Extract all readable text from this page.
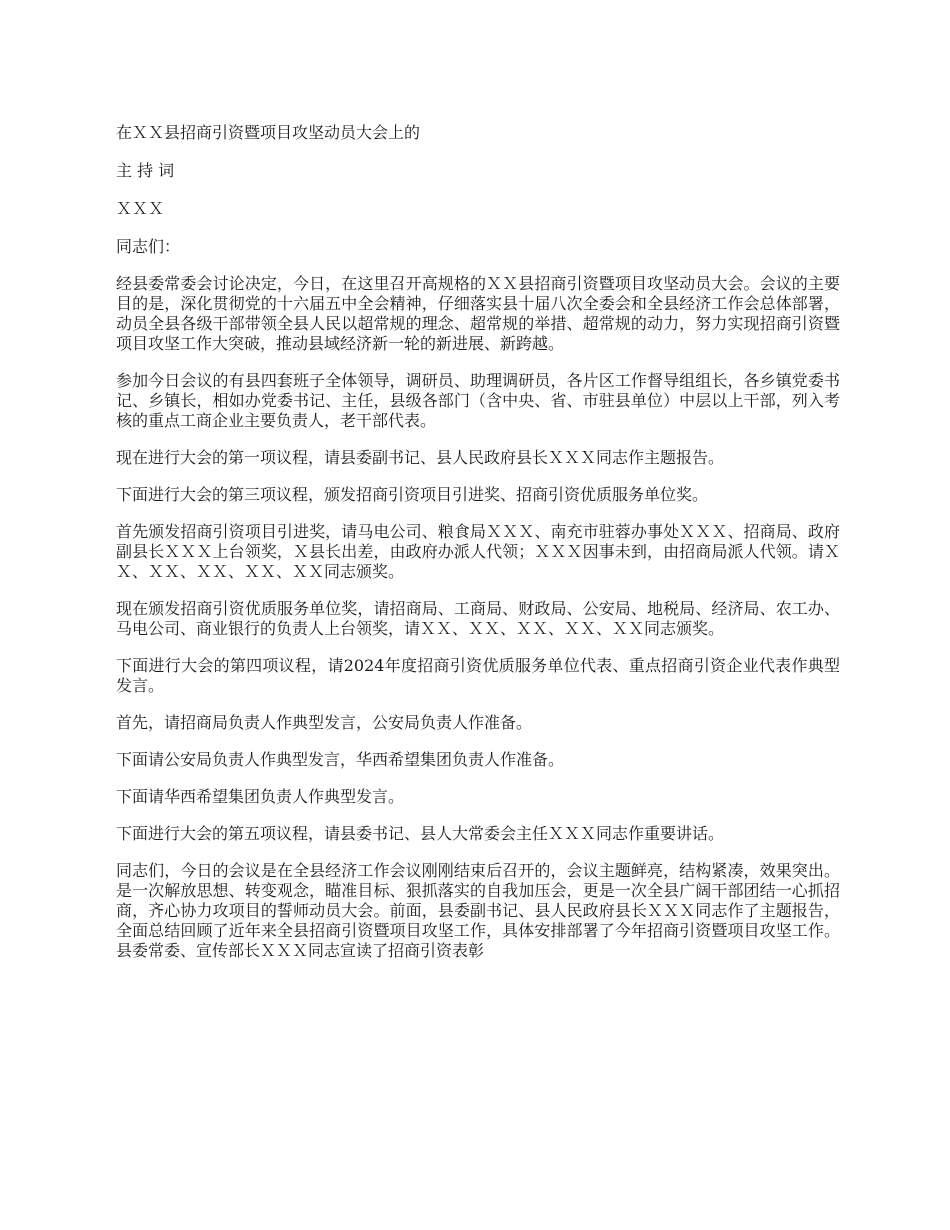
在ＸＸ县招商引资暨项目攻坚动员大会上的

主 持 词

ＸＸＸ

同志们：

经县委常委会讨论决定，今日，在这里召开高规格的ＸＸ县招商引资暨项目攻坚动员大会。会议的主要目的是，深化贯彻党的十六届五中全会精神，仔细落实县十届八次全委会和全县经济工作会总体部署，动员全县各级干部带领全县人民以超常规的理念、超常规的举措、超常规的动力，努力实现招商引资暨项目攻坚工作大突破，推动县域经济新一轮的新进展、新跨越。

参加今日会议的有县四套班子全体领导，调研员、助理调研员，各片区工作督导组组长，各乡镇党委书记、乡镇长，相如办党委书记、主任，县级各部门（含中央、省、市驻县单位）中层以上干部，列入考核的重点工商企业主要负责人，老干部代表。

现在进行大会的第一项议程，请县委副书记、县人民政府县长ＸＸＸ同志作主题报告。

下面进行大会的第三项议程，颁发招商引资项目引进奖、招商引资优质服务单位奖。

首先颁发招商引资项目引进奖，请马电公司、粮食局ＸＸＸ、南充市驻蓉办事处ＸＸＸ、招商局、政府副县长ＸＸＸ上台领奖，Ｘ县长出差，由政府办派人代领；ＸＸＸ因事未到，由招商局派人代领。请ＸＸ、ＸＸ、ＸＸ、ＸＸ、ＸＸ同志颁奖。

现在颁发招商引资优质服务单位奖，请招商局、工商局、财政局、公安局、地税局、经济局、农工办、马电公司、商业银行的负责人上台领奖，请ＸＸ、ＸＸ、ＸＸ、ＸＸ、ＸＸ同志颁奖。

下面进行大会的第四项议程，请2024年度招商引资优质服务单位代表、重点招商引资企业代表作典型发言。

首先，请招商局负责人作典型发言，公安局负责人作准备。

下面请公安局负责人作典型发言，华西希望集团负责人作准备。

下面请华西希望集团负责人作典型发言。

下面进行大会的第五项议程，请县委书记、县人大常委会主任ＸＸＸ同志作重要讲话。

同志们，今日的会议是在全县经济工作会议刚刚结束后召开的，会议主题鲜亮，结构紧凑，效果突出。是一次解放思想、转变观念，瞄准目标、狠抓落实的自我加压会，更是一次全县广阔干部团结一心抓招商，齐心协力攻项目的誓师动员大会。前面，县委副书记、县人民政府县长ＸＸＸ同志作了主题报告，全面总结回顾了近年来全县招商引资暨项目攻坚工作，具体安排部署了今年招商引资暨项目攻坚工作。县委常委、宣传部长ＸＸＸ同志宣读了招商引资表彰
